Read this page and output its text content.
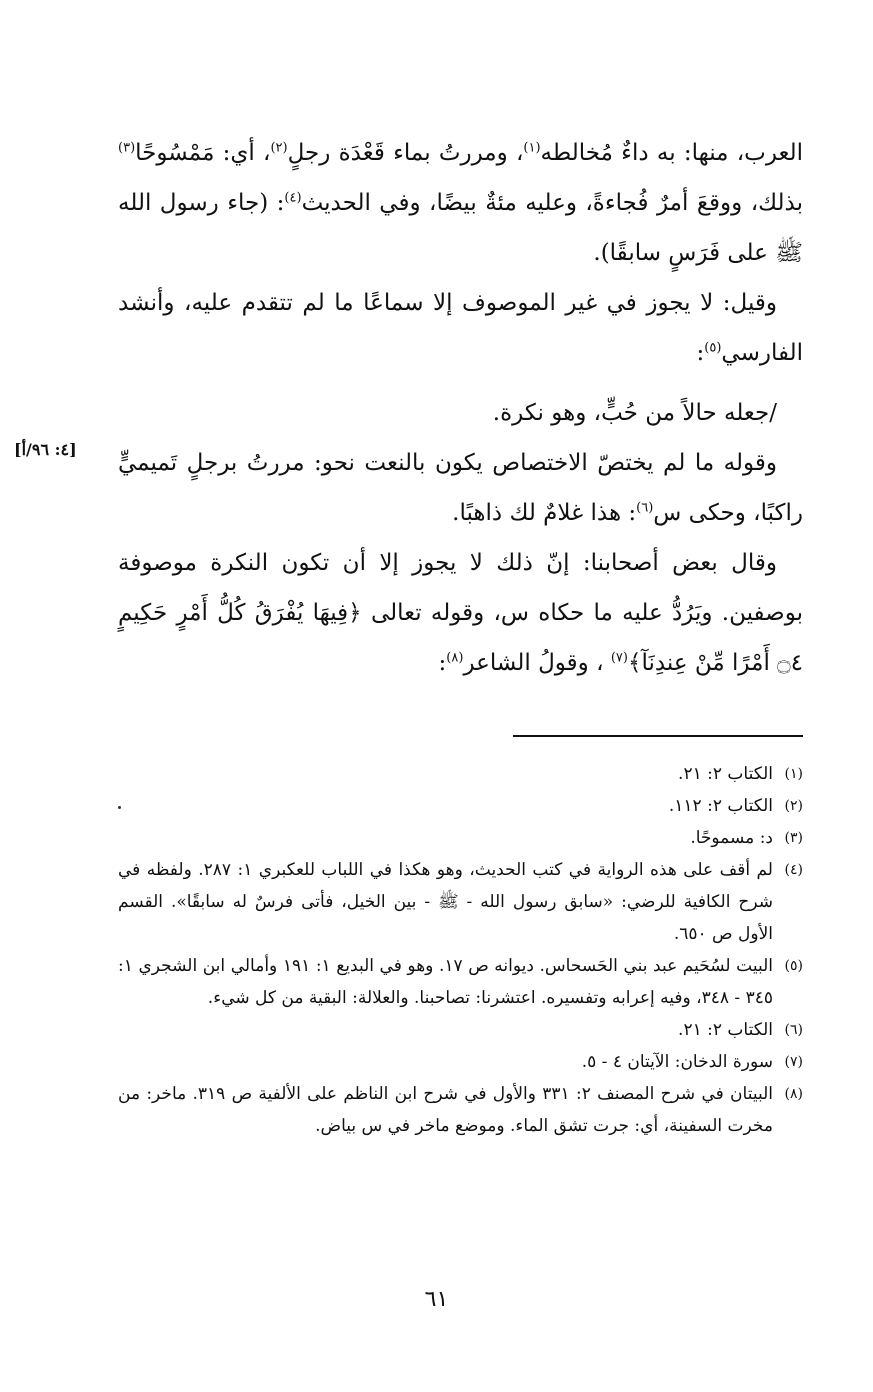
العرب، منها: به داءٌ مُخالطه$^{(١)}$، ومررتُ بماء قَعْدَة رجلٍ$^{(٢)}$، أي: مَمْسُوحًا$^{(٣)}$ بذلك، ووقعَ أمرٌ فُجاءةً، وعليه مئةٌ بيضًا، وفي الحديث$^{(٤)}$: (جاء رسول الله ﷺ على فَرَسٍ سابقًا).

وقيل: لا يجوز في غير الموصوف إلا سماعًا ما لم تتقدم عليه، وأنشد الفارسي$^{(٥)}$:

/جعله حالاً من حُبٍّ، وهو نكرة.

وقوله ما لم يختصّ الاختصاص يكون بالنعت نحو: مررتُ برجلٍ تَميميٍّ راكبًا، وحكى س$^{(٦)}$: هذا غلامٌ لك ذاهبًا.

وقال بعض أصحابنا: إنّ ذلك لا يجوز إلا أن تكون النكرة موصوفة بوصفين. ويَرُدُّ عليه ما حكاه س، وقوله تعالى ﴿فِيهَا يُفْرَقُ كُلُّ أَمْرٍ حَكِيمٍ ۝٤ أَمْرًا مِّنْ عِندِنَآ﴾$^{(٧)}$ ، وقولُ الشاعر$^{(٨)}$:

[٤: ٩٦/أ]
(١)
الكتاب ٢: ٢١.
(٢)
الكتاب ٢: ١١٢.
(٣)
د: مسموحًا.
(٤)
لم أقف على هذه الرواية في كتب الحديث، وهو هكذا في اللباب للعكبري ١: ٢٨٧. ولفظه في شرح الكافية للرضي: «سابق رسول الله - ﷺ - بين الخيل، فأتى فرسٌ له سابقًا». القسم الأول ص ٦٥٠.
(٥)
البيت لسُحَيم عبد بني الحَسحاس. ديوانه ص ١٧. وهو في البديع ١: ١٩١ وأمالي ابن الشجري ١: ٣٤٥ - ٣٤٨، وفيه إعرابه وتفسيره. اعتشرنا: تصاحبنا. والعلالة: البقية من كل شيء.
(٦)
الكتاب ٢: ٢١.
(٧)
سورة الدخان: الآيتان ٤ - ٥.
(٨)
البيتان في شرح المصنف ٢: ٣٣١ والأول في شرح ابن الناظم على الألفية ص ٣١٩. ماخر: من مخرت السفينة، أي: جرت تشق الماء. وموضع ماخر في س بياض.
٦١
